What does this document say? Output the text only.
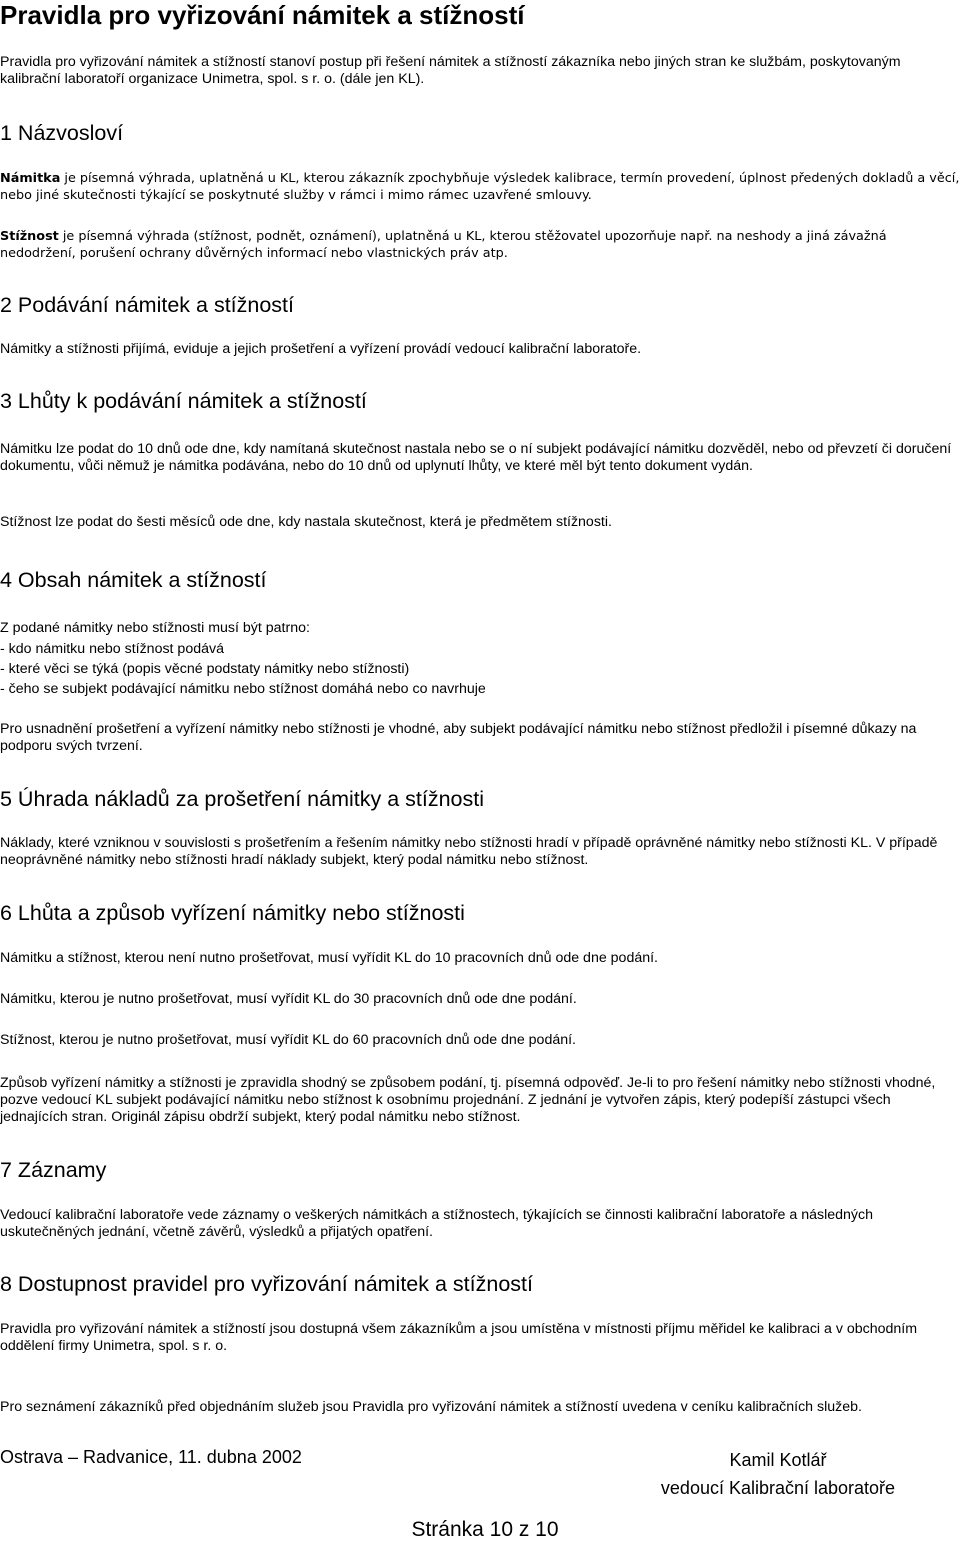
Pravidla pro vyřizování námitek a stížností

Pravidla pro vyřizování námitek a stížností stanoví postup při řešení námitek a stížností zákazníka nebo jiných stran ke službám, poskytovaným kalibrační laboratoří organizace Unimetra, spol. s r. o. (dále jen KL).

1 Názvosloví

Námitka je písemná výhrada, uplatněná u KL, kterou zákazník zpochybňuje výsledek kalibrace, termín provedení, úplnost předených dokladů a věcí, nebo jiné skutečnosti týkající se poskytnuté služby v rámci i mimo rámec uzavřené smlouvy.

Stížnost je písemná výhrada (stížnost, podnět, oznámení), uplatněná u KL, kterou stěžovatel upozorňuje např. na neshody a jiná závažná nedodržení, porušení ochrany důvěrných informací nebo vlastnických práv atp.

2 Podávání námitek a stížností

Námitky a stížnosti přijímá, eviduje a jejich prošetření a vyřízení provádí vedoucí kalibrační laboratoře.

3 Lhůty k podávání námitek a stížností

Námitku lze podat do 10 dnů ode dne, kdy namítaná skutečnost nastala nebo se o ní subjekt podávající námitku dozvěděl, nebo od převzetí či doručení dokumentu, vůči němuž je námitka podávána, nebo do 10 dnů od uplynutí lhůty, ve které měl být tento dokument vydán.

Stížnost lze podat do šesti měsíců ode dne, kdy nastala skutečnost, která je předmětem stížnosti.

4 Obsah námitek a stížností

Z podané námitky nebo stížnosti musí být patrno:

- kdo námitku nebo stížnost podává

- které věci se týká (popis věcné podstaty námitky nebo stížnosti)

- čeho se subjekt podávající námitku nebo stížnost domáhá nebo co navrhuje

Pro usnadnění prošetření a vyřízení námitky nebo stížnosti je vhodné, aby subjekt podávající námitku nebo stížnost předložil i písemné důkazy na podporu svých tvrzení.

5 Úhrada nákladů za prošetření námitky a stížnosti

Náklady, které vzniknou v souvislosti s prošetřením a řešením námitky nebo stížnosti hradí v případě oprávněné námitky nebo stížnosti KL. V případě neoprávněné námitky nebo stížnosti hradí náklady subjekt, který podal námitku nebo stížnost.

6 Lhůta a způsob vyřízení námitky nebo stížnosti

Námitku a stížnost, kterou není nutno prošetřovat, musí vyřídit KL do 10 pracovních dnů ode dne podání.

Námitku, kterou je nutno prošetřovat, musí vyřídit KL do 30 pracovních dnů ode dne podání.

Stížnost, kterou je nutno prošetřovat, musí vyřídit KL do 60 pracovních dnů ode dne podání.

Způsob vyřízení námitky a stížnosti je zpravidla shodný se způsobem podání, tj. písemná odpověď. Je-li to pro řešení námitky nebo stížnosti vhodné, pozve vedoucí KL subjekt podávající námitku nebo stížnost k osobnímu projednání. Z jednání je vytvořen zápis, který podepíší zástupci všech jednajících stran. Originál zápisu obdrží subjekt, který podal námitku nebo stížnost.

7 Záznamy

Vedoucí kalibrační laboratoře vede záznamy o veškerých námitkách a stížnostech, týkajících se činnosti kalibrační laboratoře a následných uskutečněných jednání, včetně závěrů, výsledků a přijatých opatření.

8 Dostupnost pravidel pro vyřizování námitek a stížností

Pravidla pro vyřizování námitek a stížností jsou dostupná všem zákazníkům a jsou umístěna v místnosti příjmu měřidel ke kalibraci a v obchodním oddělení firmy Unimetra, spol. s r. o.

Pro seznámení zákazníků před objednáním služeb jsou Pravidla pro vyřizování námitek a stížností uvedena v ceníku kalibračních služeb.

Ostrava – Radvanice, 11. dubna 2002	Kamil Kotlář
vedoucí Kalibrační laboratoře
Stránka 10 z 10
